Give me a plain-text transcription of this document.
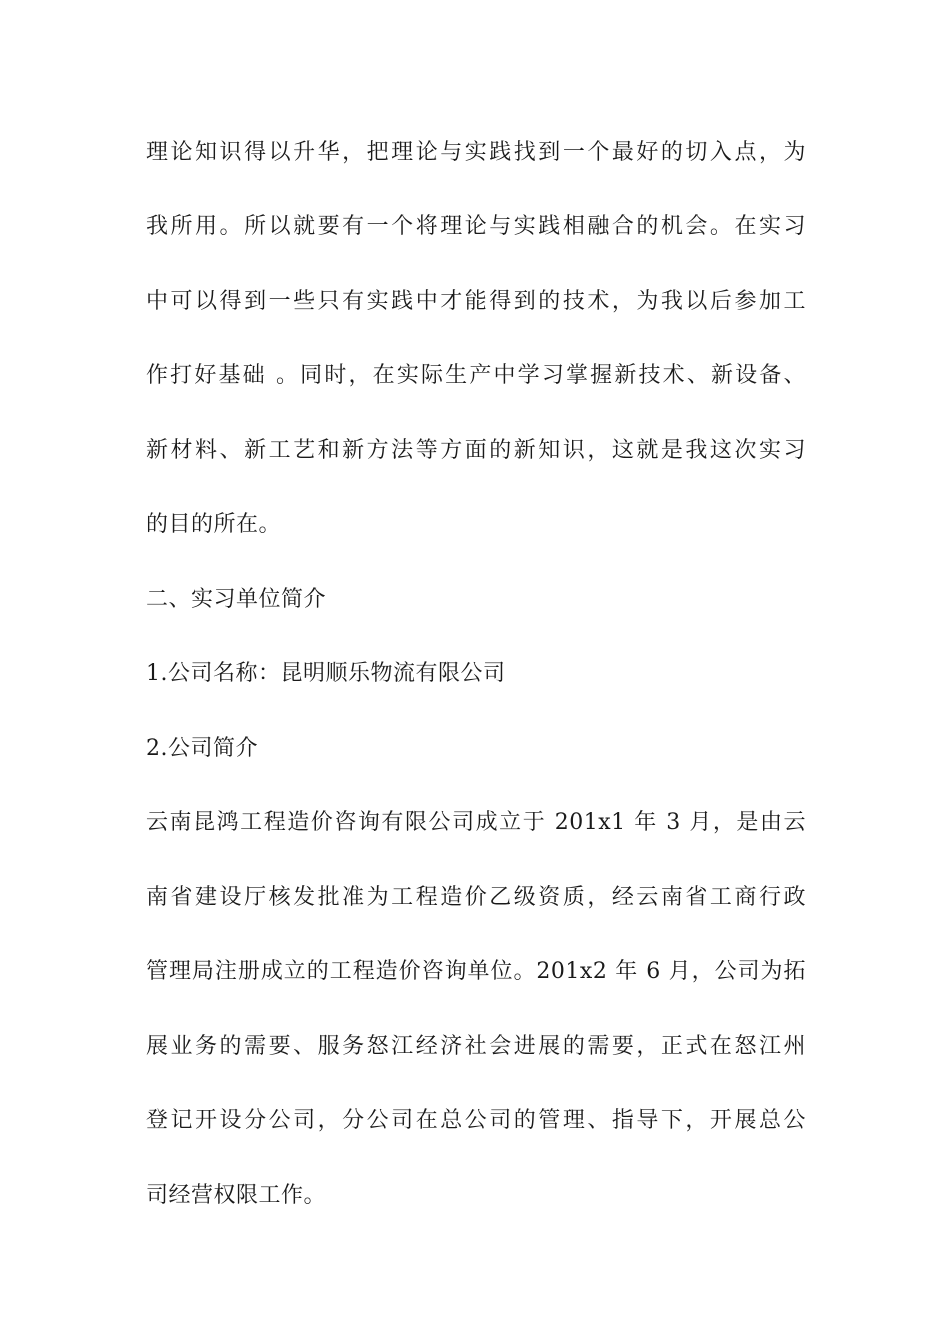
理论知识得以升华，把理论与实践找到一个最好的切入点，为
我所用。所以就要有一个将理论与实践相融合的机会。在实习
中可以得到一些只有实践中才能得到的技术，为我以后参加工
作打好基础 。同时，在实际生产中学习掌握新技术、新设备、
新材料、新工艺和新方法等方面的新知识，这就是我这次实习
的目的所在。
二、实习单位简介
1.公司名称：昆明顺乐物流有限公司
2.公司简介
云南昆鸿工程造价咨询有限公司成立于 201x1 年 3 月，是由云
南省建设厅核发批准为工程造价乙级资质，经云南省工商行政
管理局注册成立的工程造价咨询单位。201x2 年 6 月，公司为拓
展业务的需要、服务怒江经济社会进展的需要，正式在怒江州
登记开设分公司，分公司在总公司的管理、指导下，开展总公
司经营权限工作。
